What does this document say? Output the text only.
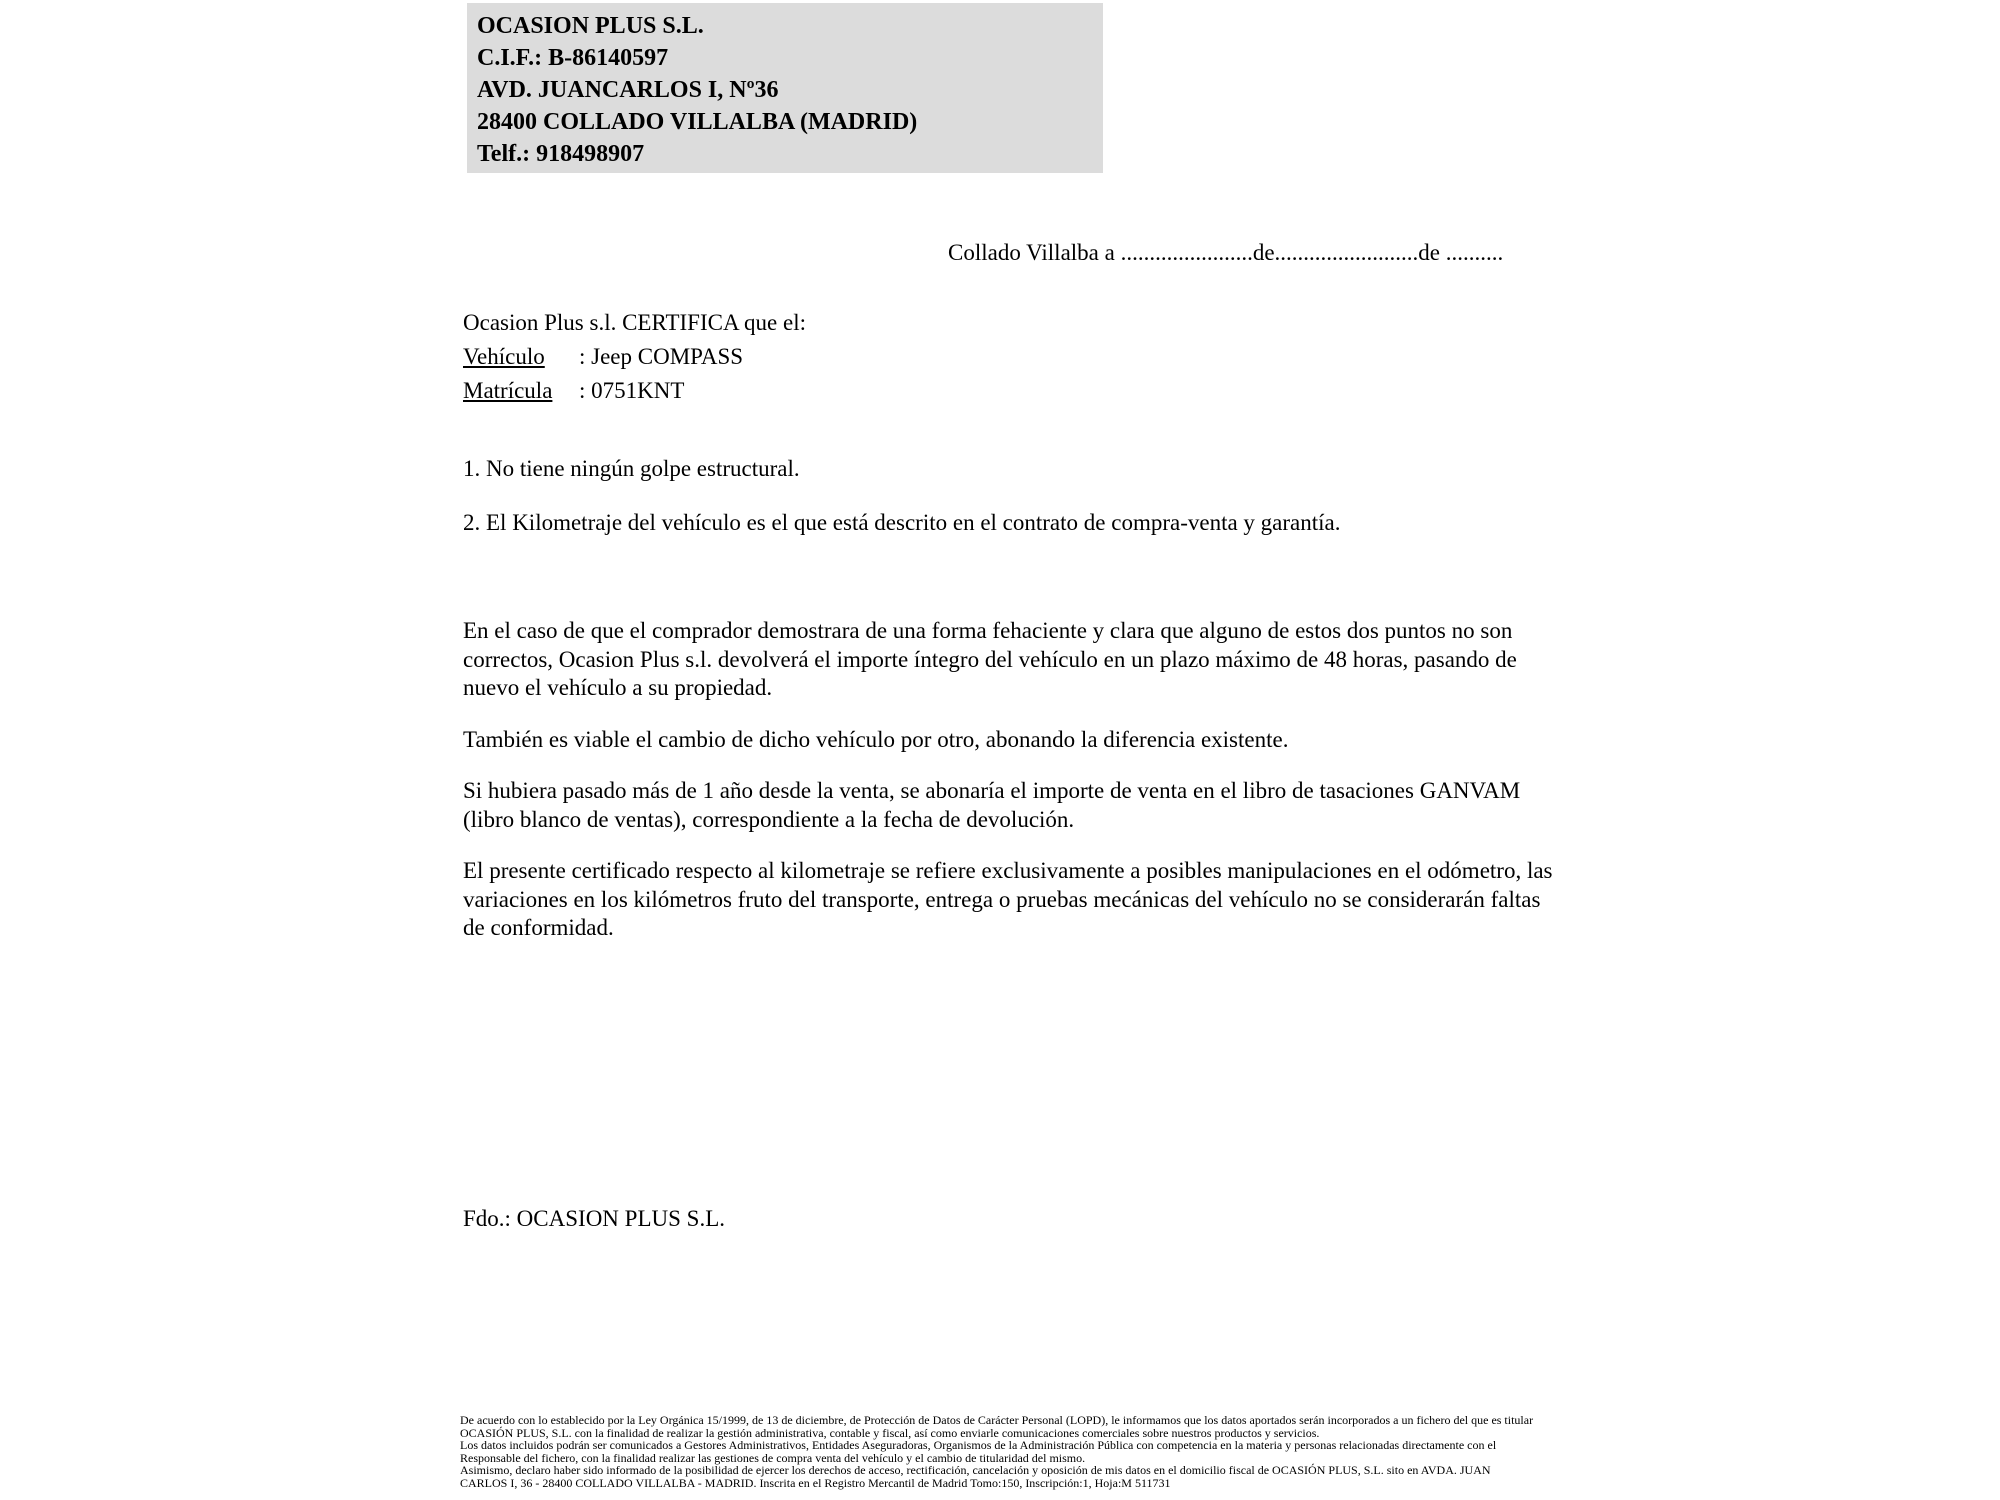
OCASION PLUS S.L.
C.I.F.: B-86140597
AVD. JUANCARLOS I, Nº36
28400 COLLADO VILLALBA (MADRID)
Telf.: 918498907
Collado Villalba a .......................de.........................de ..........
Ocasion Plus s.l. CERTIFICA que el:
Vehículo : Jeep COMPASS
Matrícula : 0751KNT
1. No tiene ningún golpe estructural.
2. El Kilometraje del vehículo es el que está descrito en el contrato de compra-venta y garantía.

En el caso de que el comprador demostrara de una forma fehaciente y clara que alguno de estos dos puntos no son correctos, Ocasion Plus s.l. devolverá el importe íntegro del vehículo en un plazo máximo de 48 horas, pasando de nuevo el vehículo a su propiedad.

También es viable el cambio de dicho vehículo por otro, abonando la diferencia existente.

Si hubiera pasado más de 1 año desde la venta, se abonaría el importe de venta en el libro de tasaciones GANVAM (libro blanco de ventas), correspondiente a la fecha de devolución.

El presente certificado respecto al kilometraje se refiere exclusivamente a posibles manipulaciones en el odómetro, las variaciones en los kilómetros fruto del transporte, entrega o pruebas mecánicas del vehículo no se considerarán faltas de conformidad.

Fdo.: OCASION PLUS S.L.
De acuerdo con lo establecido por la Ley Orgánica 15/1999, de 13 de diciembre, de Protección de Datos de Carácter Personal (LOPD), le informamos que los datos aportados serán incorporados a un fichero del que es titular
OCASIÓN PLUS, S.L. con la finalidad de realizar la gestión administrativa, contable y fiscal, así como enviarle comunicaciones comerciales sobre nuestros productos y servicios.
Los datos incluidos podrán ser comunicados a Gestores Administrativos, Entidades Aseguradoras, Organismos de la Administración Pública con competencia en la materia y personas relacionadas directamente con el
Responsable del fichero, con la finalidad realizar las gestiones de compra venta del vehículo y el cambio de titularidad del mismo.
Asimismo, declaro haber sido informado de la posibilidad de ejercer los derechos de acceso, rectificación, cancelación y oposición de mis datos en el domicilio fiscal de OCASIÓN PLUS, S.L. sito en AVDA. JUAN
CARLOS I, 36 - 28400 COLLADO VILLALBA - MADRID. Inscrita en el Registro Mercantil de Madrid Tomo:150, Inscripción:1, Hoja:M 511731
